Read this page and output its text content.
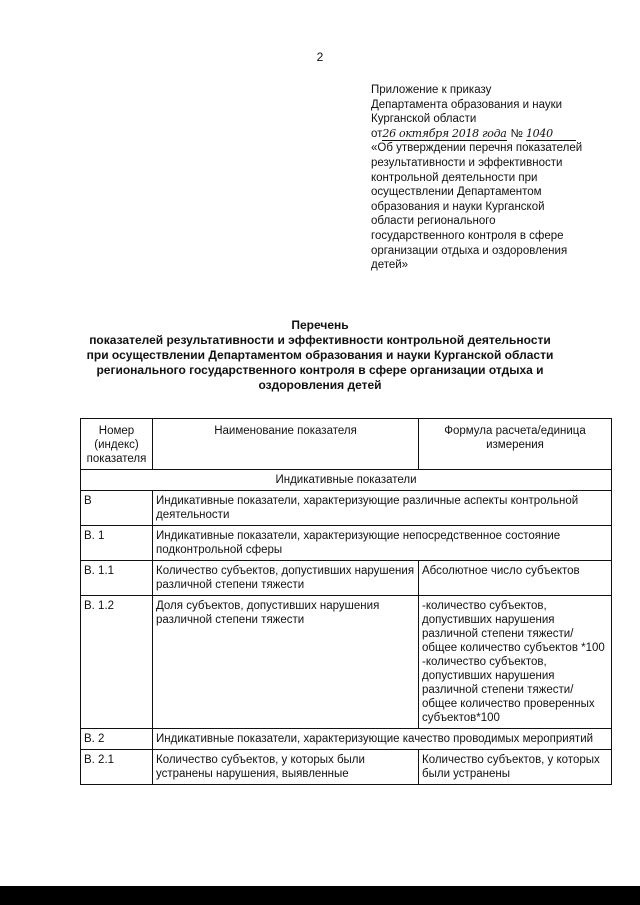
2
Приложение к приказу
Департамента образования и науки
Курганской области
от26 октября 2018 года № 1040
«Об утверждении перечня показателей
результативности и эффективности
контрольной деятельности при
осуществлении Департаментом
образования и науки Курганской
области регионального
государственного контроля в сфере
организации отдыха и оздоровления
детей»
Перечень
показателей результативности и эффективности контрольной деятельности
при осуществлении Департаментом образования и науки Курганской области
регионального государственного контроля в сфере организации отдыха и
оздоровления детей
Номер (индекс) показателя	Наименование показателя	Формула расчета/единица измерения
Индикативные показатели		
В	Индикативные показатели, характеризующие различные аспекты контрольной деятельности	
В. 1	Индикативные показатели, характеризующие непосредственное состояние подконтрольной сферы	
В. 1.1	Количество субъектов, допустивших нарушения различной степени тяжести	Абсолютное число субъектов
В. 1.2	Доля субъектов, допустивших нарушения различной степени тяжести	-количество субъектов, допустивших нарушения различной степени тяжести/ общее количество субъектов *100
-количество субъектов, допустивших нарушения различной степени тяжести/ общее количество проверенных субъектов*100

В. 2	Индикативные показатели, характеризующие качество проводимых мероприятий	
В. 2.1	Количество субъектов, у которых были устранены нарушения, выявленные	Количество субъектов, у которых были устранены
